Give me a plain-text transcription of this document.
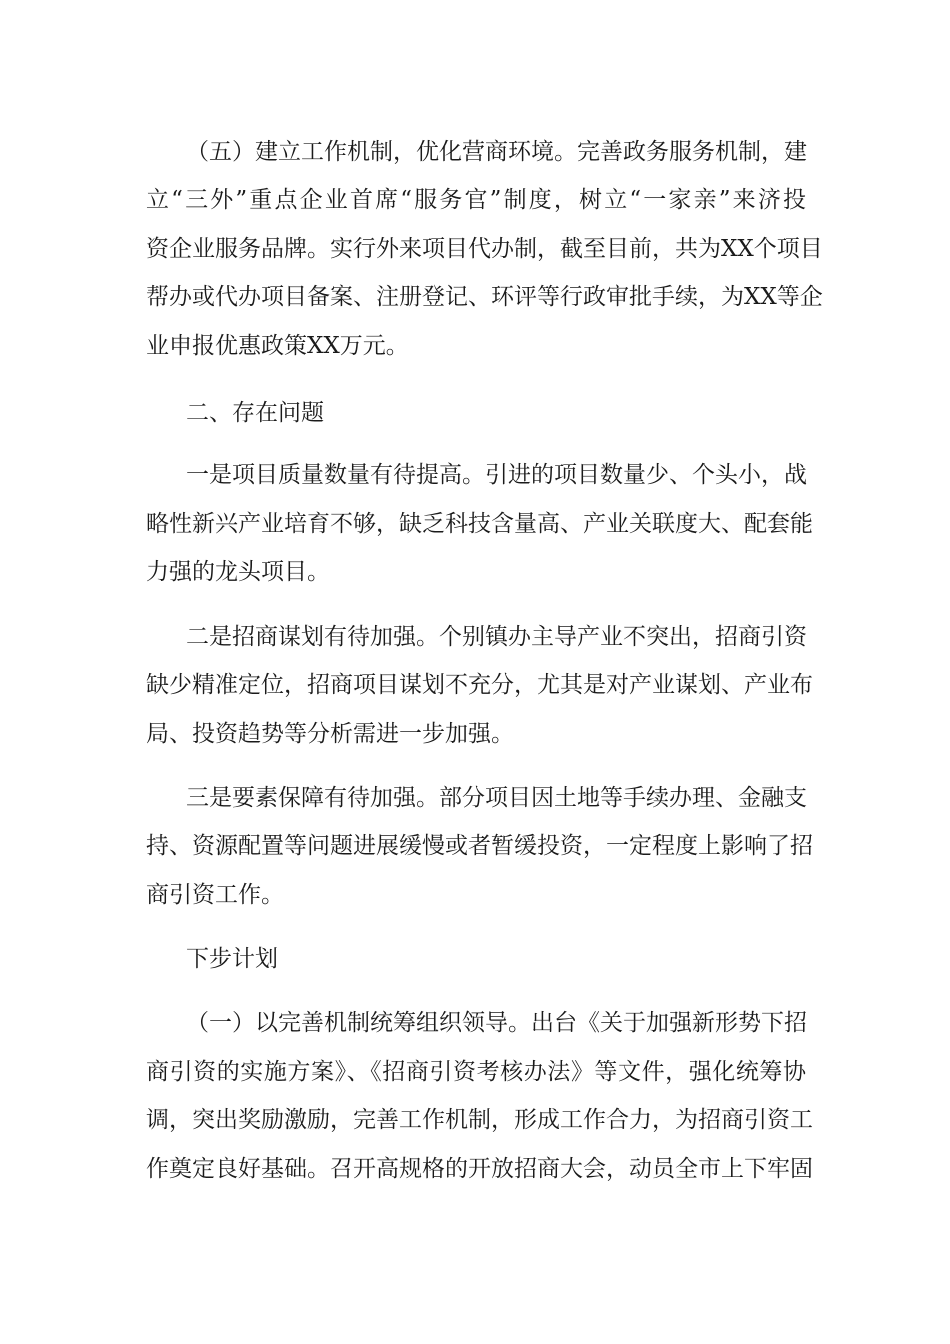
（五）建立工作机制，优化营商环境。完善政务服务机制，建
立“三外”重点企业首席“服务官”制度，树立“一家亲”来济投
资企业服务品牌。实行外来项目代办制，截至目前，共为XX个项目
帮办或代办项目备案、注册登记、环评等行政审批手续，为XX等企
业申报优惠政策XX万元。
二、存在问题
一是项目质量数量有待提高。引进的项目数量少、个头小，战
略性新兴产业培育不够，缺乏科技含量高、产业关联度大、配套能
力强的龙头项目。
二是招商谋划有待加强。个别镇办主导产业不突出，招商引资
缺少精准定位，招商项目谋划不充分，尤其是对产业谋划、产业布
局、投资趋势等分析需进一步加强。
三是要素保障有待加强。部分项目因土地等手续办理、金融支
持、资源配置等问题进展缓慢或者暂缓投资，一定程度上影响了招
商引资工作。
下步计划
（一）以完善机制统筹组织领导。出台《关于加强新形势下招
商引资的实施方案》、《招商引资考核办法》等文件，强化统筹协
调，突出奖励激励，完善工作机制，形成工作合力，为招商引资工
作奠定良好基础。召开高规格的开放招商大会，动员全市上下牢固
